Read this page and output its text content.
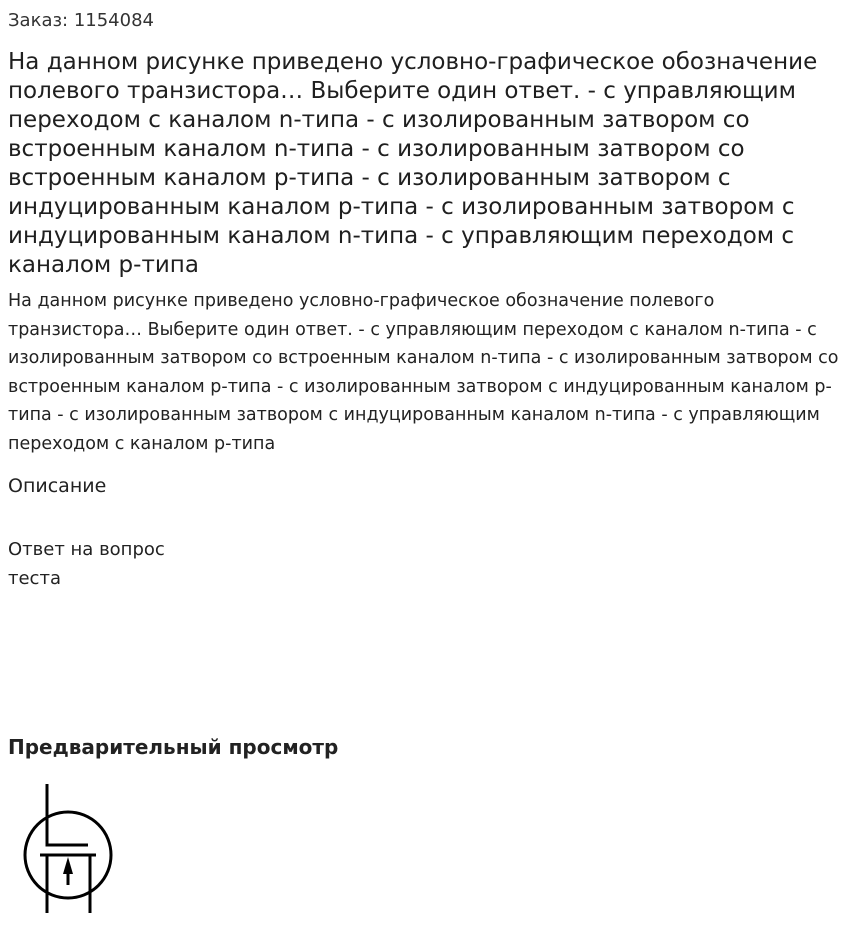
Заказ: 1154084
На данном рисунке приведено условно-графическое обозначение полевого транзистора… Выберите один ответ. - с управляющим переходом с каналом n-типа - с изолированным затвором со встроенным каналом n-типа - с изолированным затвором со встроенным каналом p-типа - с изолированным затвором с индуцированным каналом p-типа - с изолированным затвором с индуцированным каналом n-типа - с управляющим переходом с каналом p-типа

На данном рисунке приведено условно-графическое обозначение полевого транзистора… Выберите один ответ. - с управляющим переходом с каналом n-типа - с изолированным затвором со встроенным каналом n-типа - с изолированным затвором со встроенным каналом p-типа - с изолированным затвором с индуцированным каналом p-типа - с изолированным затвором с индуцированным каналом n-типа - с управляющим переходом с каналом p-типа

Описание
Ответ на вопрос теста
Предварительный просмотр
